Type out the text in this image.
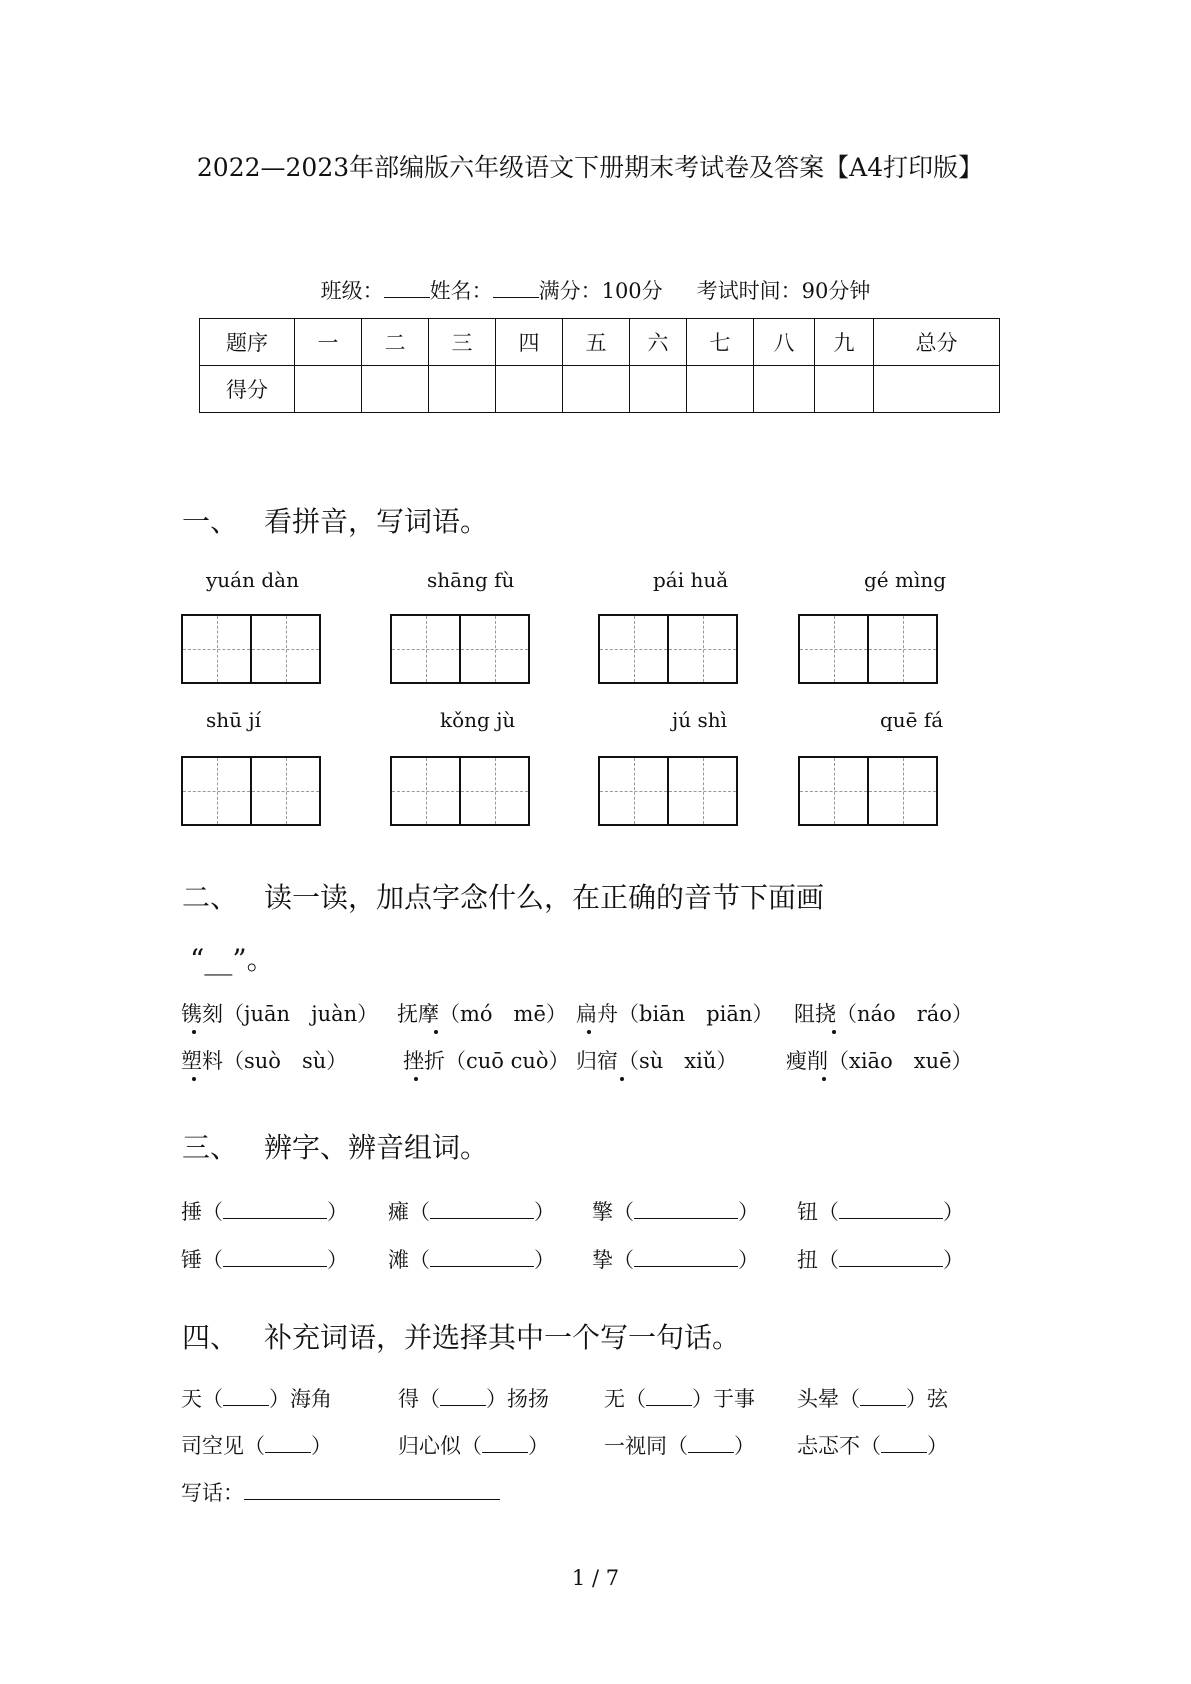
2022—2023年部编版六年级语文下册期末考试卷及答案【A4打印版】
班级： 姓名： 满分：100分 考试时间：90分钟
题序	一	二	三	四	五	六	七	八	九	总分
得分										
一、 看拼音，写词语。
yuán dàn	shāng fù	pái huǎ	gé mìng
shū jí	kǒng jù	jú shì	quē fá
二、 读一读，加点字念什么，在正确的音节下面画
“__”。
镌刻（juān　juàn） 抚摩（mó　mē） 扁舟（biān　piān） 阻挠（náo　ráo）
塑料（suò　sù）	挫折（cuō cuò） 归宿（sù　xiǔ） 瘦削（xiāo　xuē）
三、 辨字、辨音组词。
捶（	） 瘫（	） 擎（	） 钮（	）
锤（	） 滩（	） 挚（	） 扭（	）
四、 补充词语，并选择其中一个写一句话。
天（ ）海角	得（ ）扬扬	无（ ）于事 头晕（ ）弦
司空见（ ）	归心似（ ）	一视同（ ） 忐忑不（ ）
写话：
1 / 7
